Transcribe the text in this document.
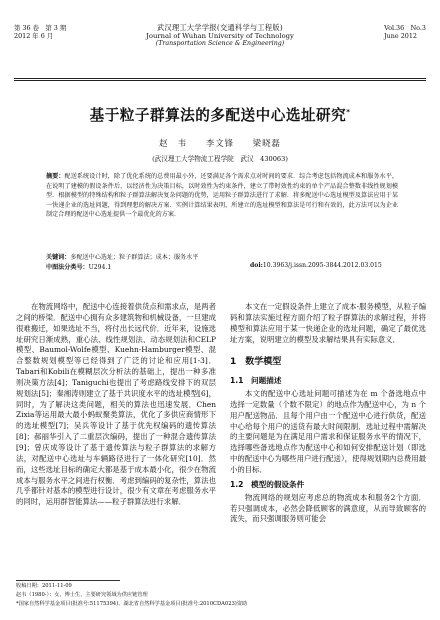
第 36 卷　第 3 期
2012 年 6 月
武汉理工大学学报(交通科学与工程版)
Journal of Wuhan University of Technology
(Transportation Science & Engineering)
Vol.36　No.3
June 2012
基于粒子群算法的多配送中心选址研究*
赵　韦　　李文锋　　梁晓磊
(武汉理工大学物流工程学院　武汉　430063)
摘要：配送系统设计时，除了优化系统的总费用最小外，还要满足各个需求点对时间的要求．综合考虑包括物流成本和服务水平，在说明了建模的假设条件后，以经济性为决策目标，以时效性为约束条件，建立了带时效性约束的单个产品混合整数非线性规划模型．根据模型的特殊结构和粒子群算法解决复杂问题的优势，运用粒子群算法进行了求解．将多配送中心选址模型及算法应用于某一快递企业的选址问题，得到理想的解决方案．实例计算结果表明，所建立的选址模型和算法是可行和有效的，此方法可以为企业制定合理的配送中心选址提供一个最优化的方案．
关键词：多配送中心选址；粒子群算法；成本；服务水平
中图法分类号：U294.1	doi:10.3963/j.issn.2095-3844.2012.03.015

在物流网络中，配送中心连接着供货点和需求点，是两者之间的桥梁．配送中心拥有众多建筑物和机械设备，一旦建成很难搬迁，如果选址不当，将付出长远代价．近年来，设施选址研究日渐成熟，重心法、线性规划法、动态规划法和CELP模型、Baumol-Wolfe模型、Kuehn-Hamburger模型、混合整数规划模型等已经得到了广泛的讨论和应用[1-3]．Tabari和Kobili在模糊层次分析法的基础上，提出一种多准则决策方法[4]；Taniguchi也提出了考虑路线安排下的双层规划法[5]；秦湘涛则建立了基于共识度水平的选址模型[6]，同时，为了解决这类问题，相关的算法也迅速发展．Chen Zixia等运用最大最小蚂蚁聚类算法，优化了多供应商情形下的选址模型[7]；吴兵等设计了基于优先权编码的遗传算法[8]；郝丽华引入了二重层次编码，提出了一种混合遗传算法[9]；曾庆成等设计了基于遗传算法与粒子群算法的求解方法，对配送中心选址与车辆路径进行了一体化研究[10]．然而，这些选址目标的确定大都是基于成本最小化，很少在物流成本与服务水平之间进行权衡．考虑到编码的复杂性，算法也几乎都针对基本的模型进行设计，很少有文章在考虑服务水平的同时，运用群智能算法——粒子群算法进行求解．

本文在一定假设条件上建立了成本-服务模型，从粒子编码和算法实施过程方面介绍了粒子群算法的求解过程，并将模型和算法应用于某一快递企业的选址问题，确定了最优选址方案，说明建立的模型及求解结果具有实际意义．

1　数学模型
1.1　问题描述

本文的配送中心选址问题可描述为在 m 个备选地点中选择一定数量（个数不限定）的地点作为配送中心，为 n 个用户配送物品．且每个用户由一个配送中心进行供货，配送中心给每个用户的送货有最大时间限制．选址过程中需解决的主要问题是为在满足用户需求和保证服务水平的情况下，选择哪些备选地点作为配送中心和如何安排配送计划（即选中的配送中心为哪些用户进行配送），使得规划期内总费用最小的目标．

1.2　模型的假设条件

物流网络的规划应考虑总的物流成本和服务2个方面．若只强调成本，必然会降低顾客的满意度，从而导致顾客的流失，而只强调服务则可能会

收稿日期：2011-11-09
赵韦（1980-）：女，博士生，主要研究领域为供应链管理
*国家自然科学基金项目(批准号:51175394)、湖北省自然科学基金项目(批准号:2010CDA023)资助
